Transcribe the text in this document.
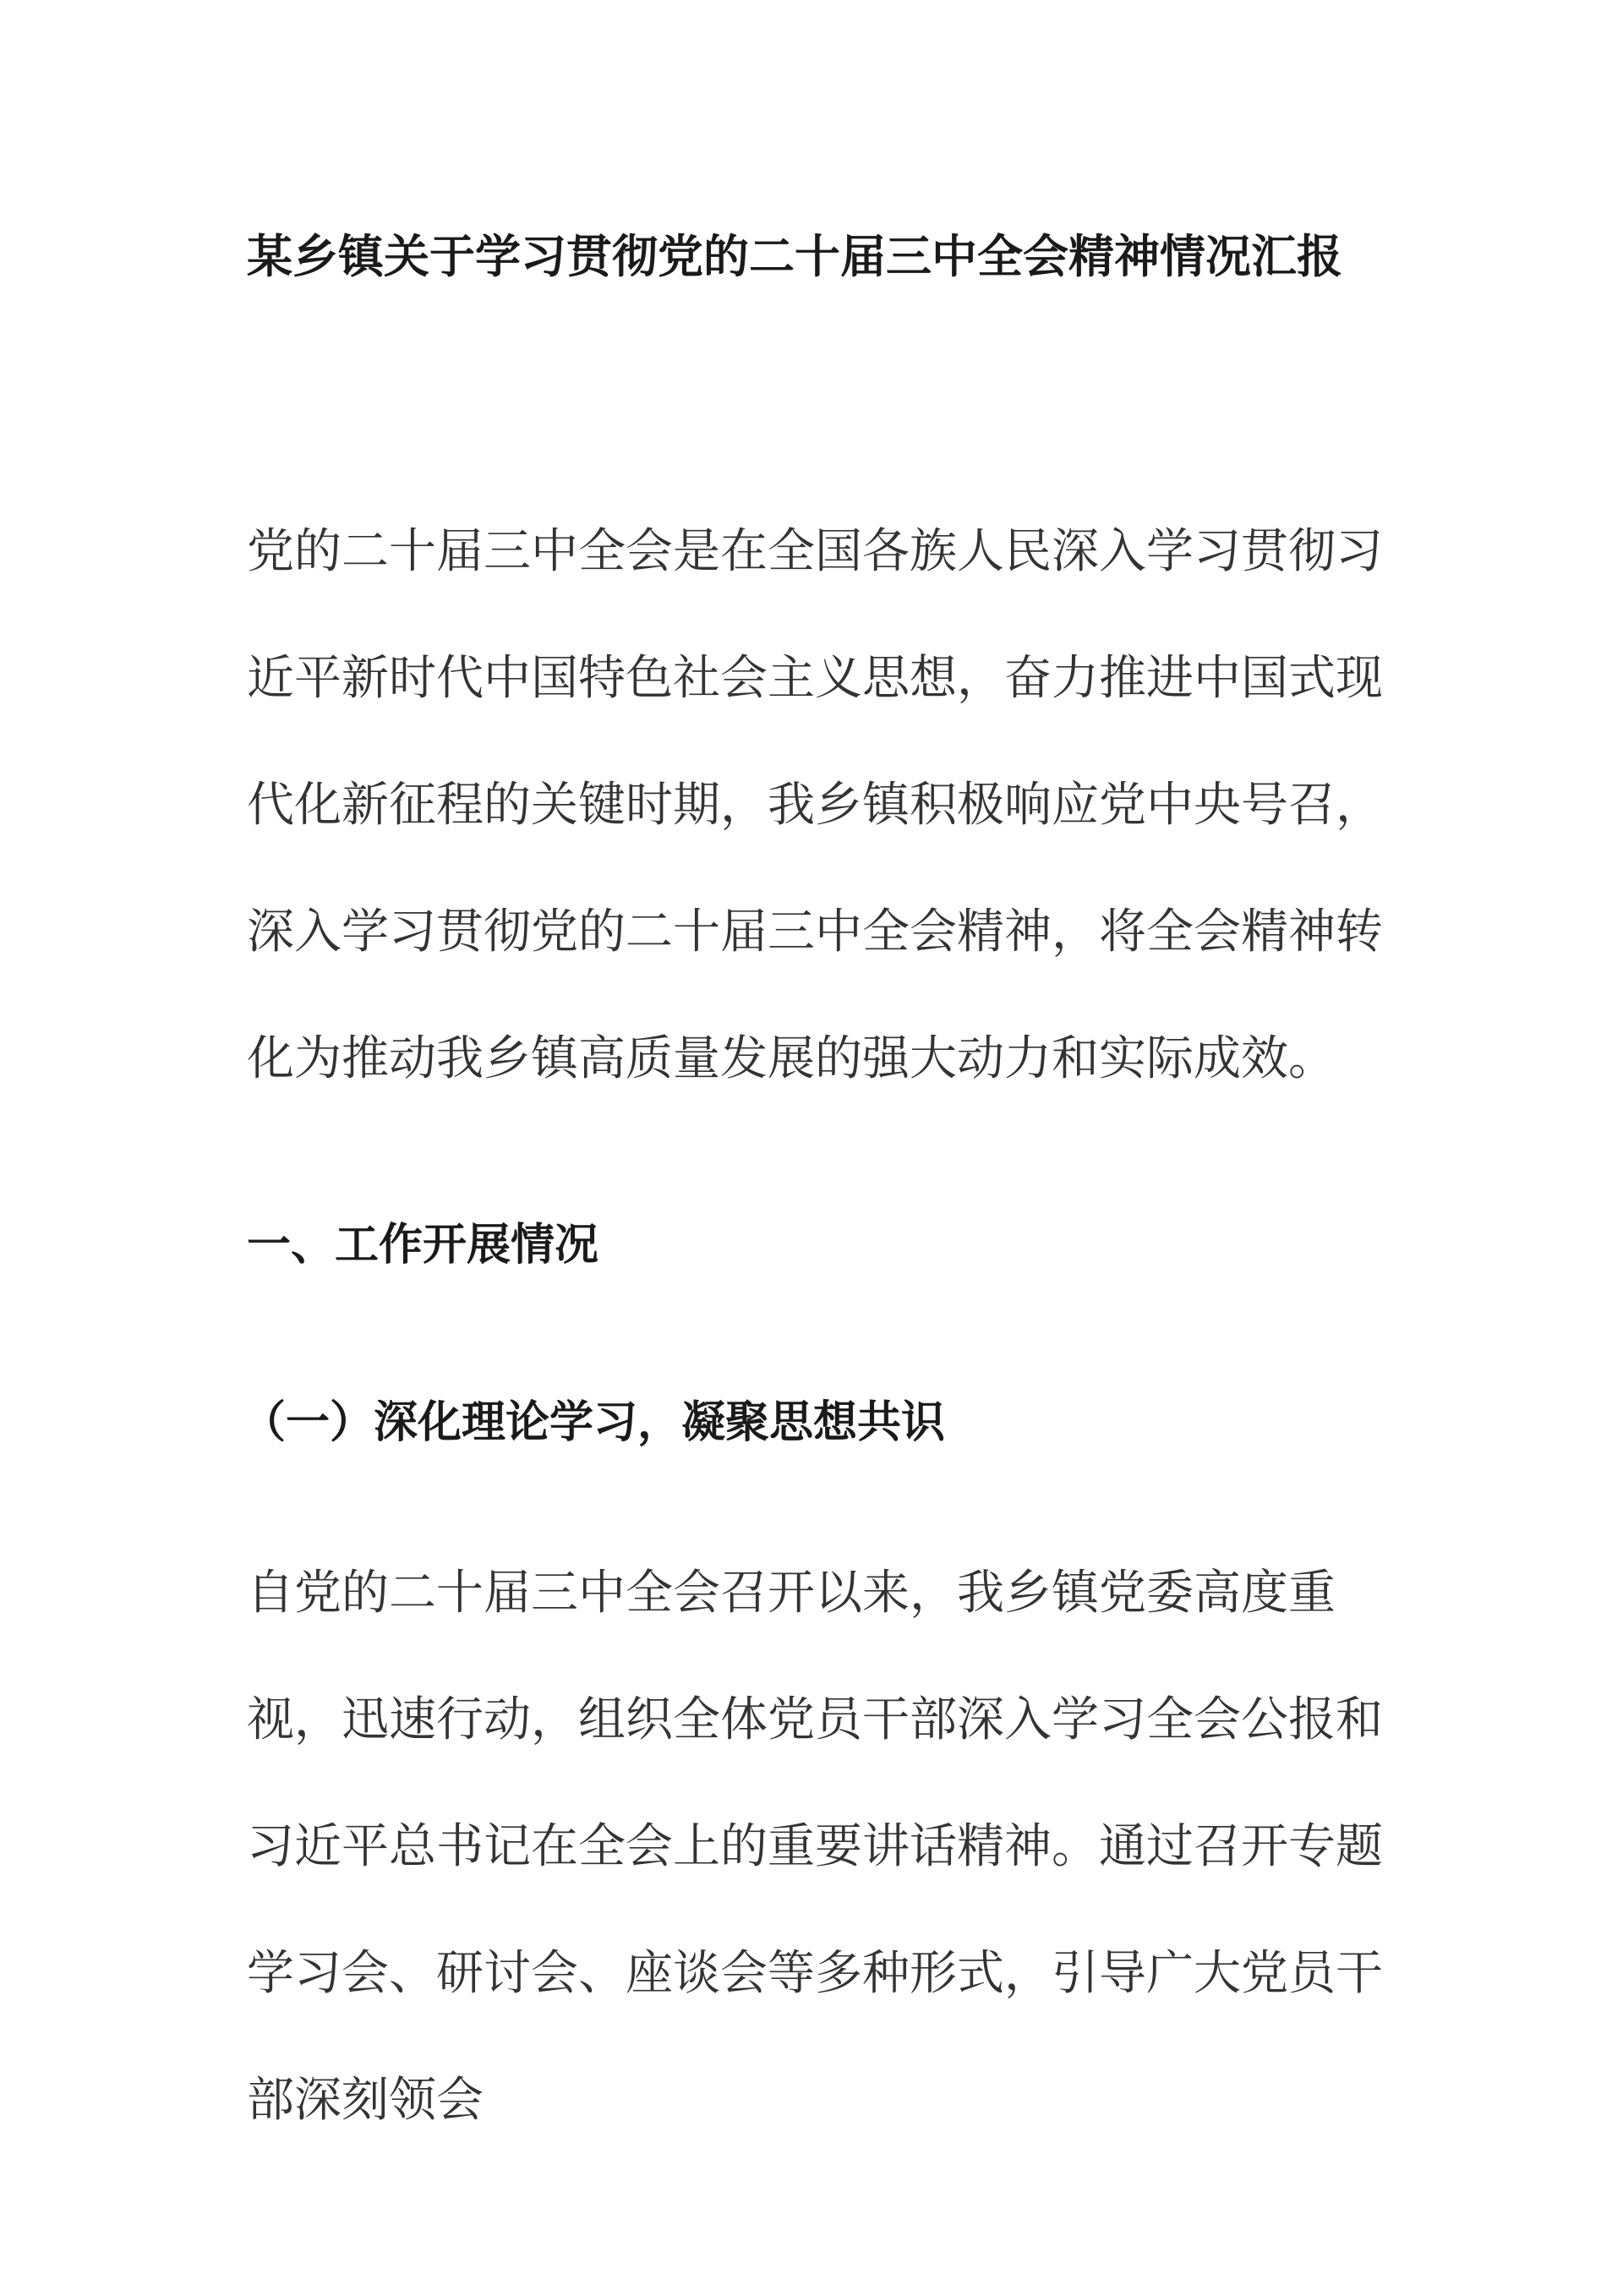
某乡镇关于学习贯彻党的二十届三中全会精神情况汇报

党的二十届三中全会是在全国各族人民深入学习贯彻习近平新时代中国特色社会主义思想，奋力推进中国式现代化新征程的关键时期，我乡镇积极响应党中央号召，深入学习贯彻党的二十届三中全会精神，将全会精神转化为推动我乡镇高质量发展的强大动力和实际成效。

一、工作开展情况
（一）深化理论学习，凝聚思想共识

自党的二十届三中全会召开以来，我乡镇党委高度重视，迅速行动，组织全体党员干部深入学习全会公报和习近平总书记在全会上的重要讲话精神。通过召开专题学习会、研讨会、座谈会等多种形式，引导广大党员干部深刻领会
